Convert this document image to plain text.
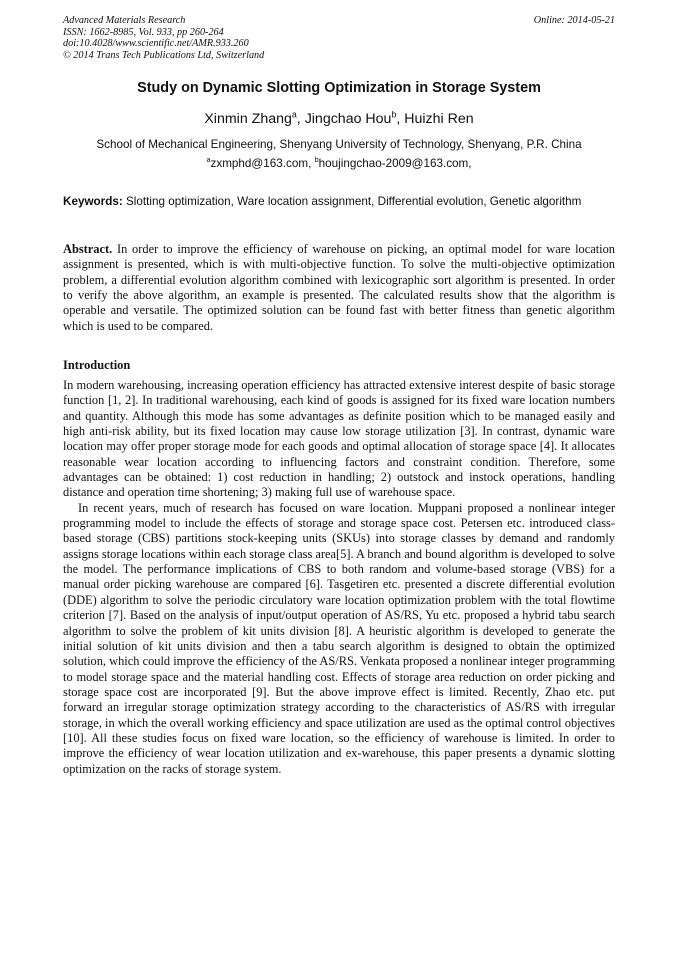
Advanced Materials Research
ISSN: 1662-8985, Vol. 933, pp 260-264
doi:10.4028/www.scientific.net/AMR.933.260
© 2014 Trans Tech Publications Ltd, Switzerland
Online: 2014-05-21
Study on Dynamic Slotting Optimization in Storage System
Xinmin Zhang$^a$, Jingchao Hou$^b$, Huizhi Ren
School of Mechanical Engineering, Shenyang University of Technology, Shenyang, P.R. China
$^a$zxmphd@163.com, $^b$houjingchao-2009@163.com,
Keywords: Slotting optimization, Ware location assignment, Differential evolution, Genetic algorithm
Abstract. In order to improve the efficiency of warehouse on picking, an optimal model for ware location assignment is presented, which is with multi-objective function. To solve the multi-objective optimization problem, a differential evolution algorithm combined with lexicographic sort algorithm is presented. In order to verify the above algorithm, an example is presented. The calculated results show that the algorithm is operable and versatile. The optimized solution can be found fast with better fitness than genetic algorithm which is used to be compared.
Introduction

In modern warehousing, increasing operation efficiency has attracted extensive interest despite of basic storage function [1, 2]. In traditional warehousing, each kind of goods is assigned for its fixed ware location numbers and quantity. Although this mode has some advantages as definite position which to be managed easily and high anti-risk ability, but its fixed location may cause low storage utilization [3]. In contrast, dynamic ware location may offer proper storage mode for each goods and optimal allocation of storage space [4]. It allocates reasonable wear location according to influencing factors and constraint condition. Therefore, some advantages can be obtained: 1) cost reduction in handling; 2) outstock and instock operations, handling distance and operation time shortening; 3) making full use of warehouse space.

In recent years, much of research has focused on ware location. Muppani proposed a nonlinear integer programming model to include the effects of storage and storage space cost. Petersen etc. introduced class-based storage (CBS) partitions stock-keeping units (SKUs) into storage classes by demand and randomly assigns storage locations within each storage class area[5]. A branch and bound algorithm is developed to solve the model. The performance implications of CBS to both random and volume-based storage (VBS) for a manual order picking warehouse are compared [6]. Tasgetiren etc. presented a discrete differential evolution (DDE) algorithm to solve the periodic circulatory ware location optimization problem with the total flowtime criterion [7]. Based on the analysis of input/output operation of AS/RS, Yu etc. proposed a hybrid tabu search algorithm to solve the problem of kit units division [8]. A heuristic algorithm is developed to generate the initial solution of kit units division and then a tabu search algorithm is designed to obtain the optimized solution, which could improve the efficiency of the AS/RS. Venkata proposed a nonlinear integer programming to model storage space and the material handling cost. Effects of storage area reduction on order picking and storage space cost are incorporated [9]. But the above improve effect is limited. Recently, Zhao etc. put forward an irregular storage optimization strategy according to the characteristics of AS/RS with irregular storage, in which the overall working efficiency and space utilization are used as the optimal control objectives [10]. All these studies focus on fixed ware location, so the efficiency of warehouse is limited. In order to improve the efficiency of wear location utilization and ex-warehouse, this paper presents a dynamic slotting optimization on the racks of storage system.
